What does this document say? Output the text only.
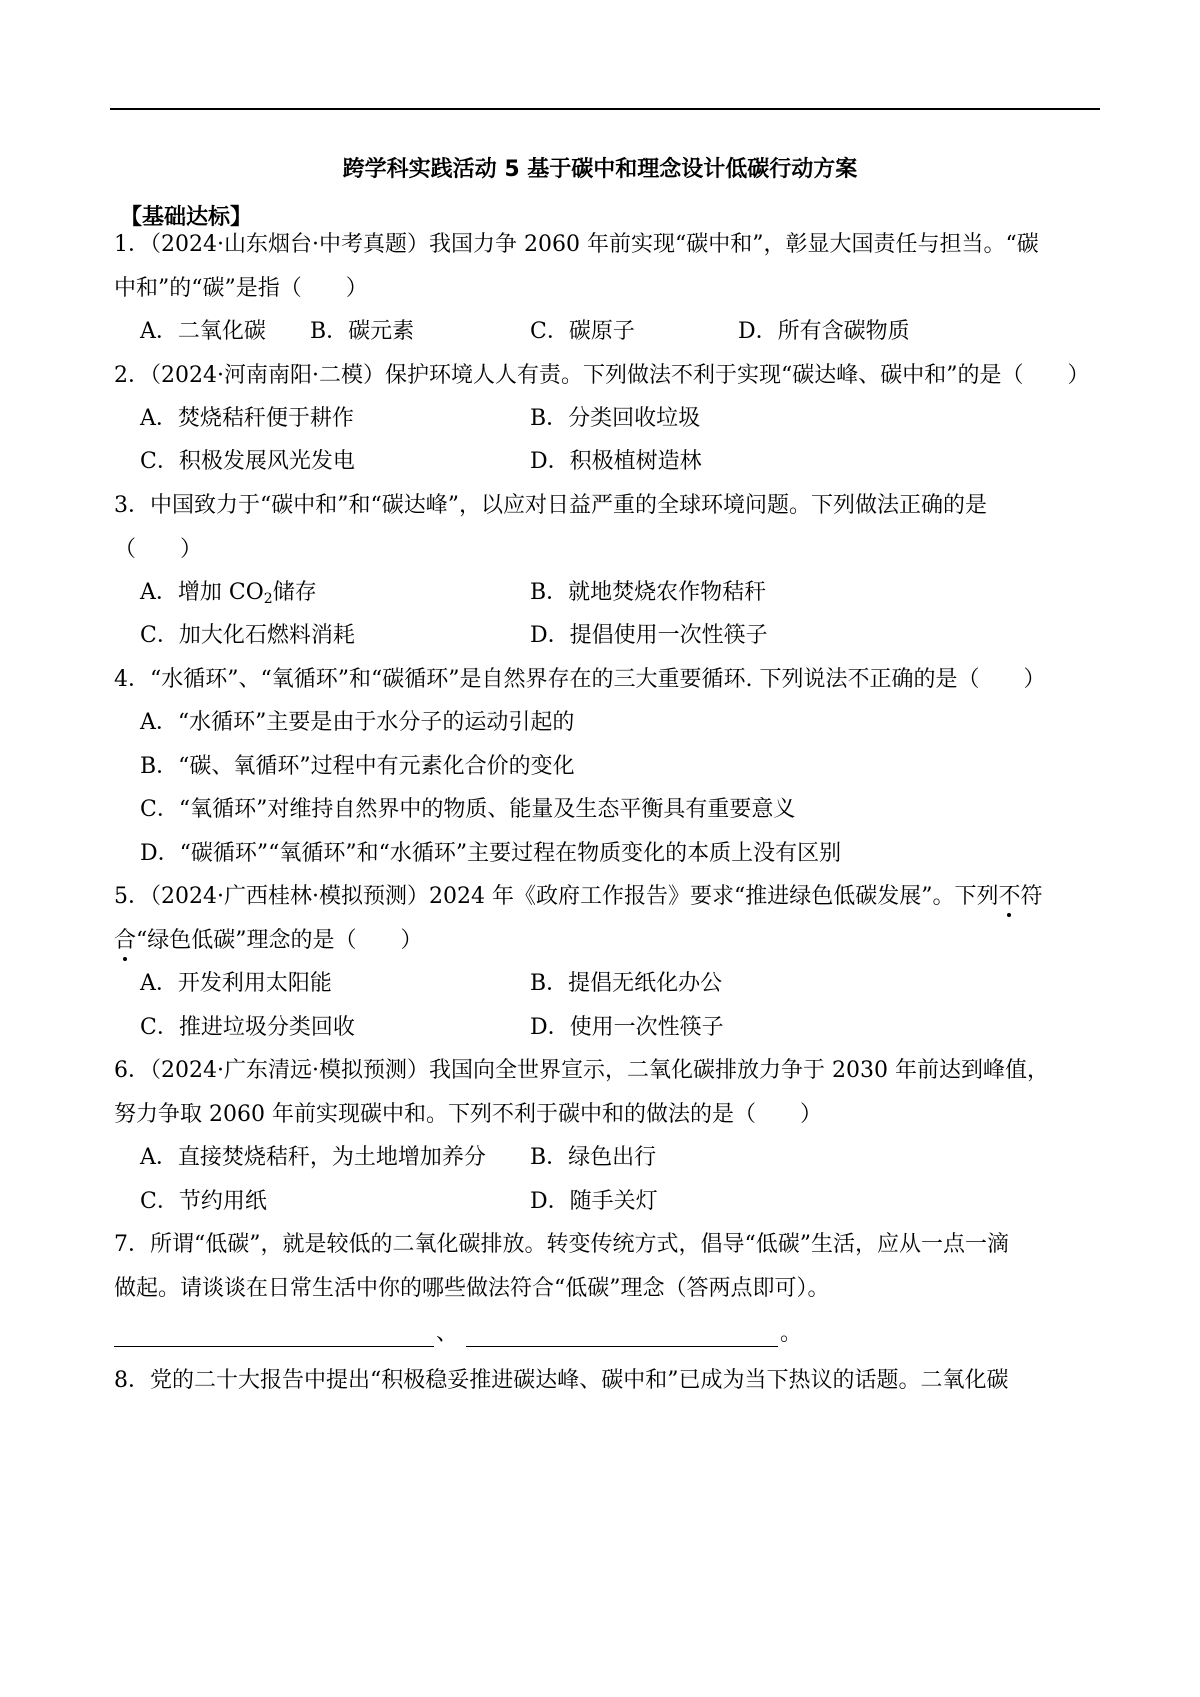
跨学科实践活动 5 基于碳中和理念设计低碳行动方案
【基础达标】
1．（2024·山东烟台·中考真题）我国力争 2060 年前实现“碳中和”，彰显大国责任与担当。“碳
中和”的“碳”是指（　　）
A．二氧化碳 B．碳元素	C．碳原子	D．所有含碳物质
2．（2024·河南南阳·二模）保护环境人人有责。下列做法不利于实现“碳达峰、碳中和”的是（　　）
A．焚烧秸秆便于耕作	B．分类回收垃圾
C．积极发展风光发电	D．积极植树造林
3．中国致力于“碳中和”和“碳达峰”，以应对日益严重的全球环境问题。下列做法正确的是
（　　）
A．增加 $CO_2$储存	B．就地焚烧农作物秸秆
C．加大化石燃料消耗	D．提倡使用一次性筷子
4．“水循环”、“氧循环”和“碳循环”是自然界存在的三大重要循环. 下列说法不正确的是（　　）
A．“水循环”主要是由于水分子的运动引起的
B．“碳、氧循环”过程中有元素化合价的变化
C．“氧循环”对维持自然界中的物质、能量及生态平衡具有重要意义
D．“碳循环”“氧循环”和“水循环”主要过程在物质变化的本质上没有区别
5．（2024·广西桂林·模拟预测）2024 年《政府工作报告》要求“推进绿色低碳发展”。下列不符
合“绿色低碳”理念的是（　　）
A．开发利用太阳能	B．提倡无纸化办公
C．推进垃圾分类回收	D．使用一次性筷子
6．（2024·广东清远·模拟预测）我国向全世界宣示，二氧化碳排放力争于 2030 年前达到峰值，
努力争取 2060 年前实现碳中和。下列不利于碳中和的做法的是（　　）
A．直接焚烧秸秆，为土地增加养分 B．绿色出行
C．节约用纸	D．随手关灯
7．所谓“低碳”，就是较低的二氧化碳排放。转变传统方式，倡导“低碳”生活，应从一点一滴
做起。请谈谈在日常生活中你的哪些做法符合“低碳”理念（答两点即可）。
、	。
8．党的二十大报告中提出“积极稳妥推进碳达峰、碳中和”已成为当下热议的话题。二氧化碳
